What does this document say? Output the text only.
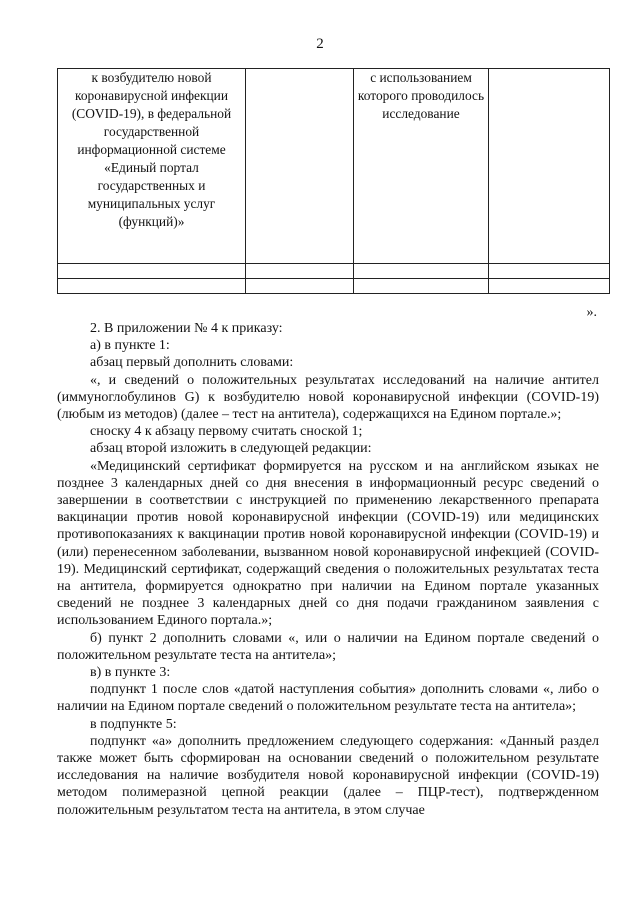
2
к возбудителю новой коронавирусной инфекции (COVID-19), в федеральной государственной информационной системе «Единый портал государственных и муниципальных услуг (функций)»		с использованием которого проводилось исследование	

».

2. В приложении № 4 к приказу:

а) в пункте 1:

абзац первый дополнить словами:

«, и сведений о положительных результатах исследований на наличие антител (иммуноглобулинов G) к возбудителю новой коронавирусной инфекции (COVID-19) (любым из методов) (далее – тест на антитела), содержащихся на Едином портале.»;

сноску 4 к абзацу первому считать сноской 1;

абзац второй изложить в следующей редакции:

«Медицинский сертификат формируется на русском и на английском языках не позднее 3 календарных дней со дня внесения в информационный ресурс сведений о завершении в соответствии с инструкцией по применению лекарственного препарата вакцинации против новой коронавирусной инфекции (COVID-19) или медицинских противопоказаниях к вакцинации против новой коронавирусной инфекции (COVID-19) и (или) перенесенном заболевании, вызванном новой коронавирусной инфекцией (COVID-19). Медицинский сертификат, содержащий сведения о положительных результатах теста на антитела, формируется однократно при наличии на Едином портале указанных сведений не позднее 3 календарных дней со дня подачи гражданином заявления с использованием Единого портала.»;

б) пункт 2 дополнить словами «, или о наличии на Едином портале сведений о положительном результате теста на антитела»;

в) в пункте 3:

подпункт 1 после слов «датой наступления события» дополнить словами «, либо о наличии на Едином портале сведений о положительном результате теста на антитела»;

в подпункте 5:

подпункт «а» дополнить предложением следующего содержания: «Данный раздел также может быть сформирован на основании сведений о положительном результате исследования на наличие возбудителя новой коронавирусной инфекции (COVID-19) методом полимеразной цепной реакции (далее – ПЦР-тест), подтвержденном положительным результатом теста на антитела, в этом случае
